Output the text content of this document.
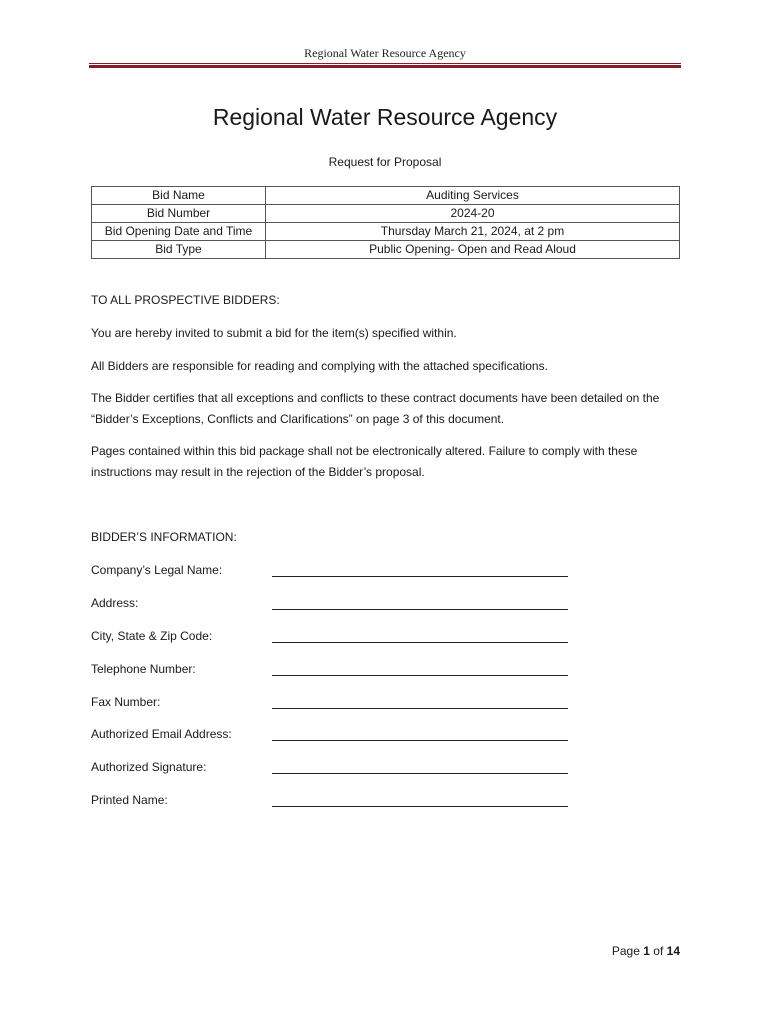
Regional Water Resource Agency
Regional Water Resource Agency
Request for Proposal
Bid Name	Auditing Services
Bid Number	2024-20
Bid Opening Date and Time	Thursday March 21, 2024, at 2 pm
Bid Type	Public Opening- Open and Read Aloud
TO ALL PROSPECTIVE BIDDERS:
You are hereby invited to submit a bid for the item(s) specified within.
All Bidders are responsible for reading and complying with the attached specifications.
The Bidder certifies that all exceptions and conflicts to these contract documents have been detailed on the “Bidder’s Exceptions, Conflicts and Clarifications” on page 3 of this document.
Pages contained within this bid package shall not be electronically altered. Failure to comply with these instructions may result in the rejection of the Bidder’s proposal.
BIDDER’S INFORMATION:
Company’s Legal Name:
Address:
City, State & Zip Code:
Telephone Number:
Fax Number:
Authorized Email Address:
Authorized Signature:
Printed Name:
Page 1 of 14
